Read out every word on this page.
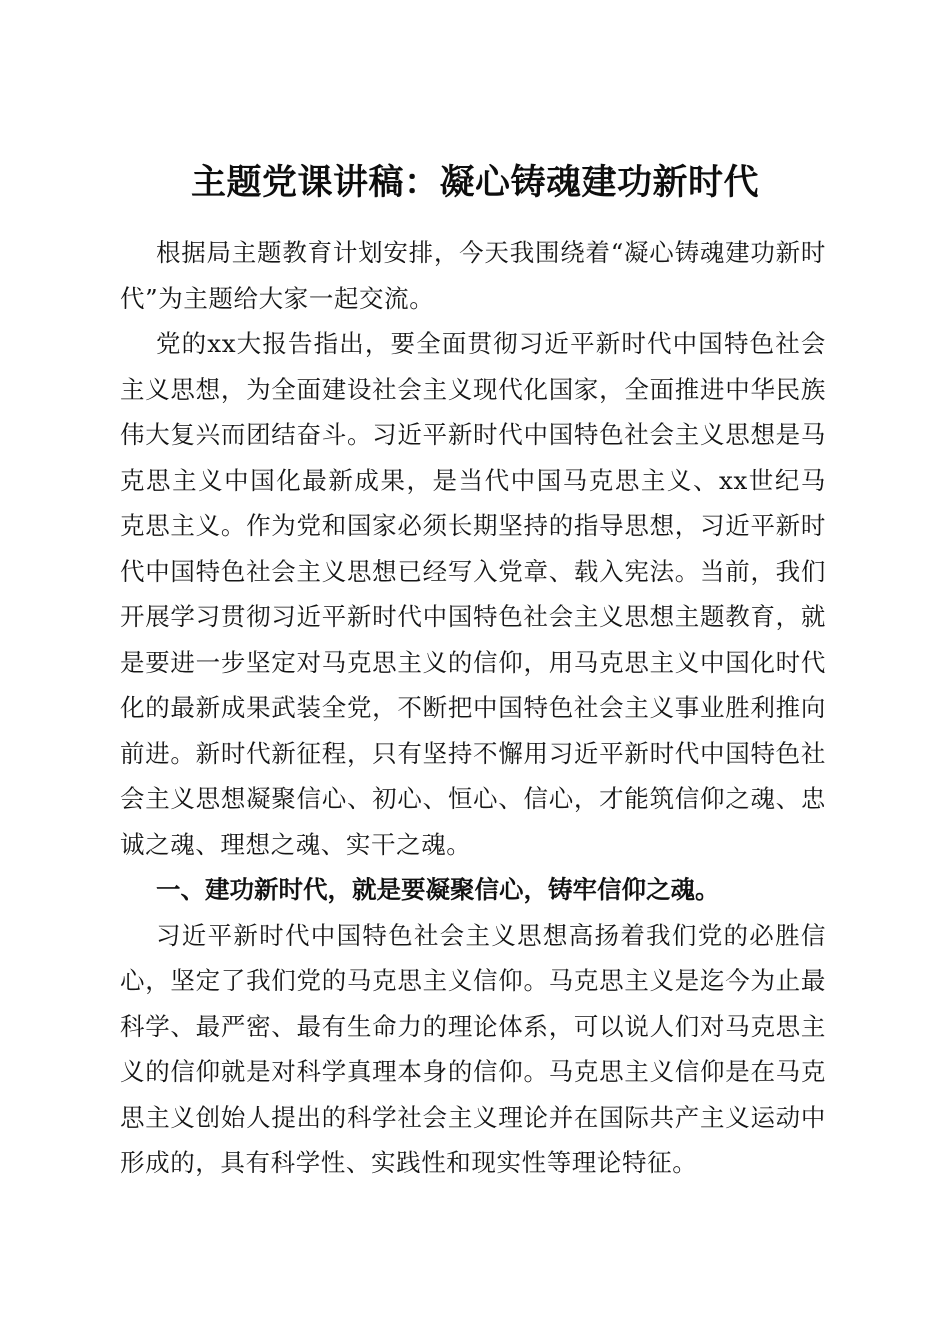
主题党课讲稿：凝心铸魂建功新时代

根据局主题教育计划安排，今天我围绕着“凝心铸魂建功新时代”为主题给大家一起交流。

党的xx大报告指出，要全面贯彻习近平新时代中国特色社会主义思想，为全面建设社会主义现代化国家，全面推进中华民族伟大复兴而团结奋斗。习近平新时代中国特色社会主义思想是马克思主义中国化最新成果，是当代中国马克思主义、xx世纪马克思主义。作为党和国家必须长期坚持的指导思想，习近平新时代中国特色社会主义思想已经写入党章、载入宪法。当前，我们开展学习贯彻习近平新时代中国特色社会主义思想主题教育，就是要进一步坚定对马克思主义的信仰，用马克思主义中国化时代化的最新成果武装全党，不断把中国特色社会主义事业胜利推向前进。新时代新征程，只有坚持不懈用习近平新时代中国特色社会主义思想凝聚信心、初心、恒心、信心，才能筑信仰之魂、忠诚之魂、理想之魂、实干之魂。

一、建功新时代，就是要凝聚信心，铸牢信仰之魂。

习近平新时代中国特色社会主义思想高扬着我们党的必胜信心，坚定了我们党的马克思主义信仰。马克思主义是迄今为止最科学、最严密、最有生命力的理论体系，可以说人们对马克思主义的信仰就是对科学真理本身的信仰。马克思主义信仰是在马克思主义创始人提出的科学社会主义理论并在国际共产主义运动中形成的，具有科学性、实践性和现实性等理论特征。
